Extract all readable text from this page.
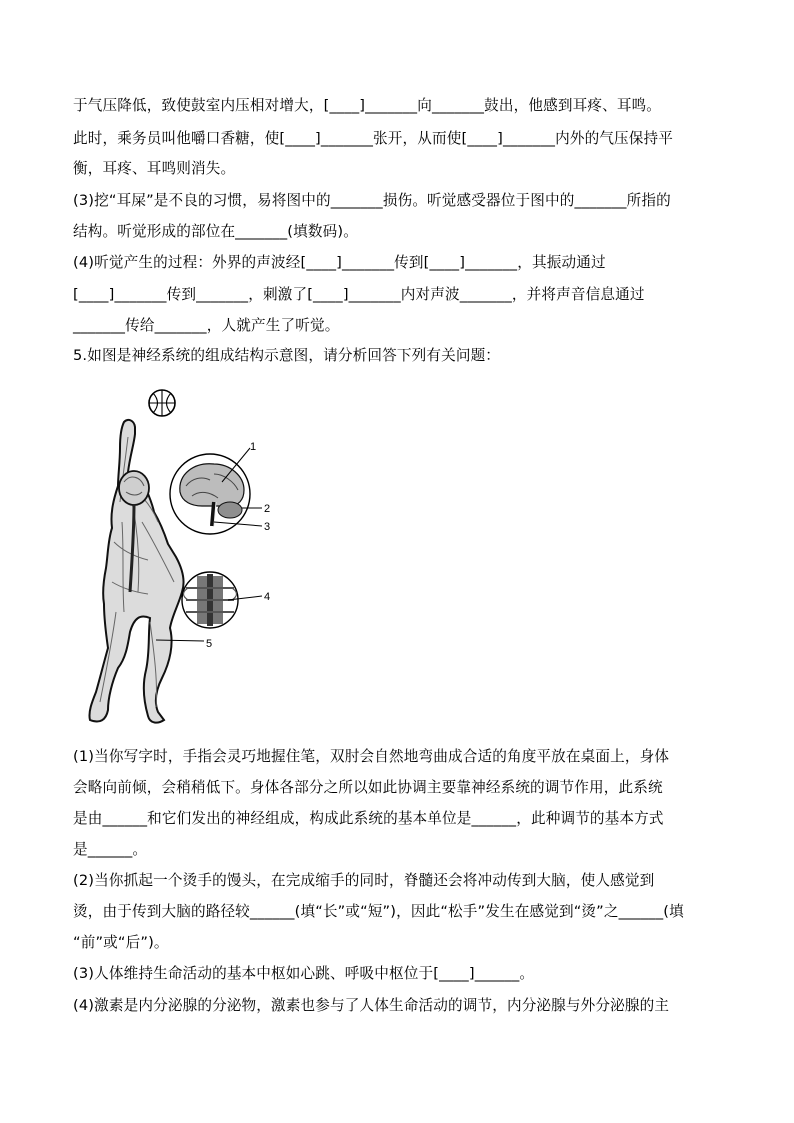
于气压降低，致使鼓室内压相对增大，[____]_______向_______鼓出，他感到耳疼、耳鸣。
此时，乘务员叫他嚼口香糖，使[____]_______张开，从而使[____]_______内外的气压保持平
衡，耳疼、耳鸣则消失。
(3)挖“耳屎”是不良的习惯，易将图中的_______损伤。听觉感受器位于图中的_______所指的
结构。听觉形成的部位在_______(填数码)。
(4)听觉产生的过程：外界的声波经[____]_______传到[____]_______，其振动通过
[____]_______传到_______，刺激了[____]_______内对声波_______，并将声音信息通过
_______传给_______，人就产生了听觉。
5.如图是神经系统的组成结构示意图，请分析回答下列有关问题：
(1)当你写字时，手指会灵巧地握住笔，双肘会自然地弯曲成合适的角度平放在桌面上，身体
会略向前倾，会稍稍低下。身体各部分之所以如此协调主要靠神经系统的调节作用，此系统
是由______和它们发出的神经组成，构成此系统的基本单位是______，此种调节的基本方式
是______。
(2)当你抓起一个烫手的馒头，在完成缩手的同时，脊髓还会将冲动传到大脑，使人感觉到
烫，由于传到大脑的路径较______(填“长”或“短”)，因此“松手”发生在感觉到“烫”之______(填
“前”或“后”)。
(3)人体维持生命活动的基本中枢如心跳、呼吸中枢位于[____]______。
(4)激素是内分泌腺的分泌物，激素也参与了人体生命活动的调节，内分泌腺与外分泌腺的主
1
2
3
4
5
